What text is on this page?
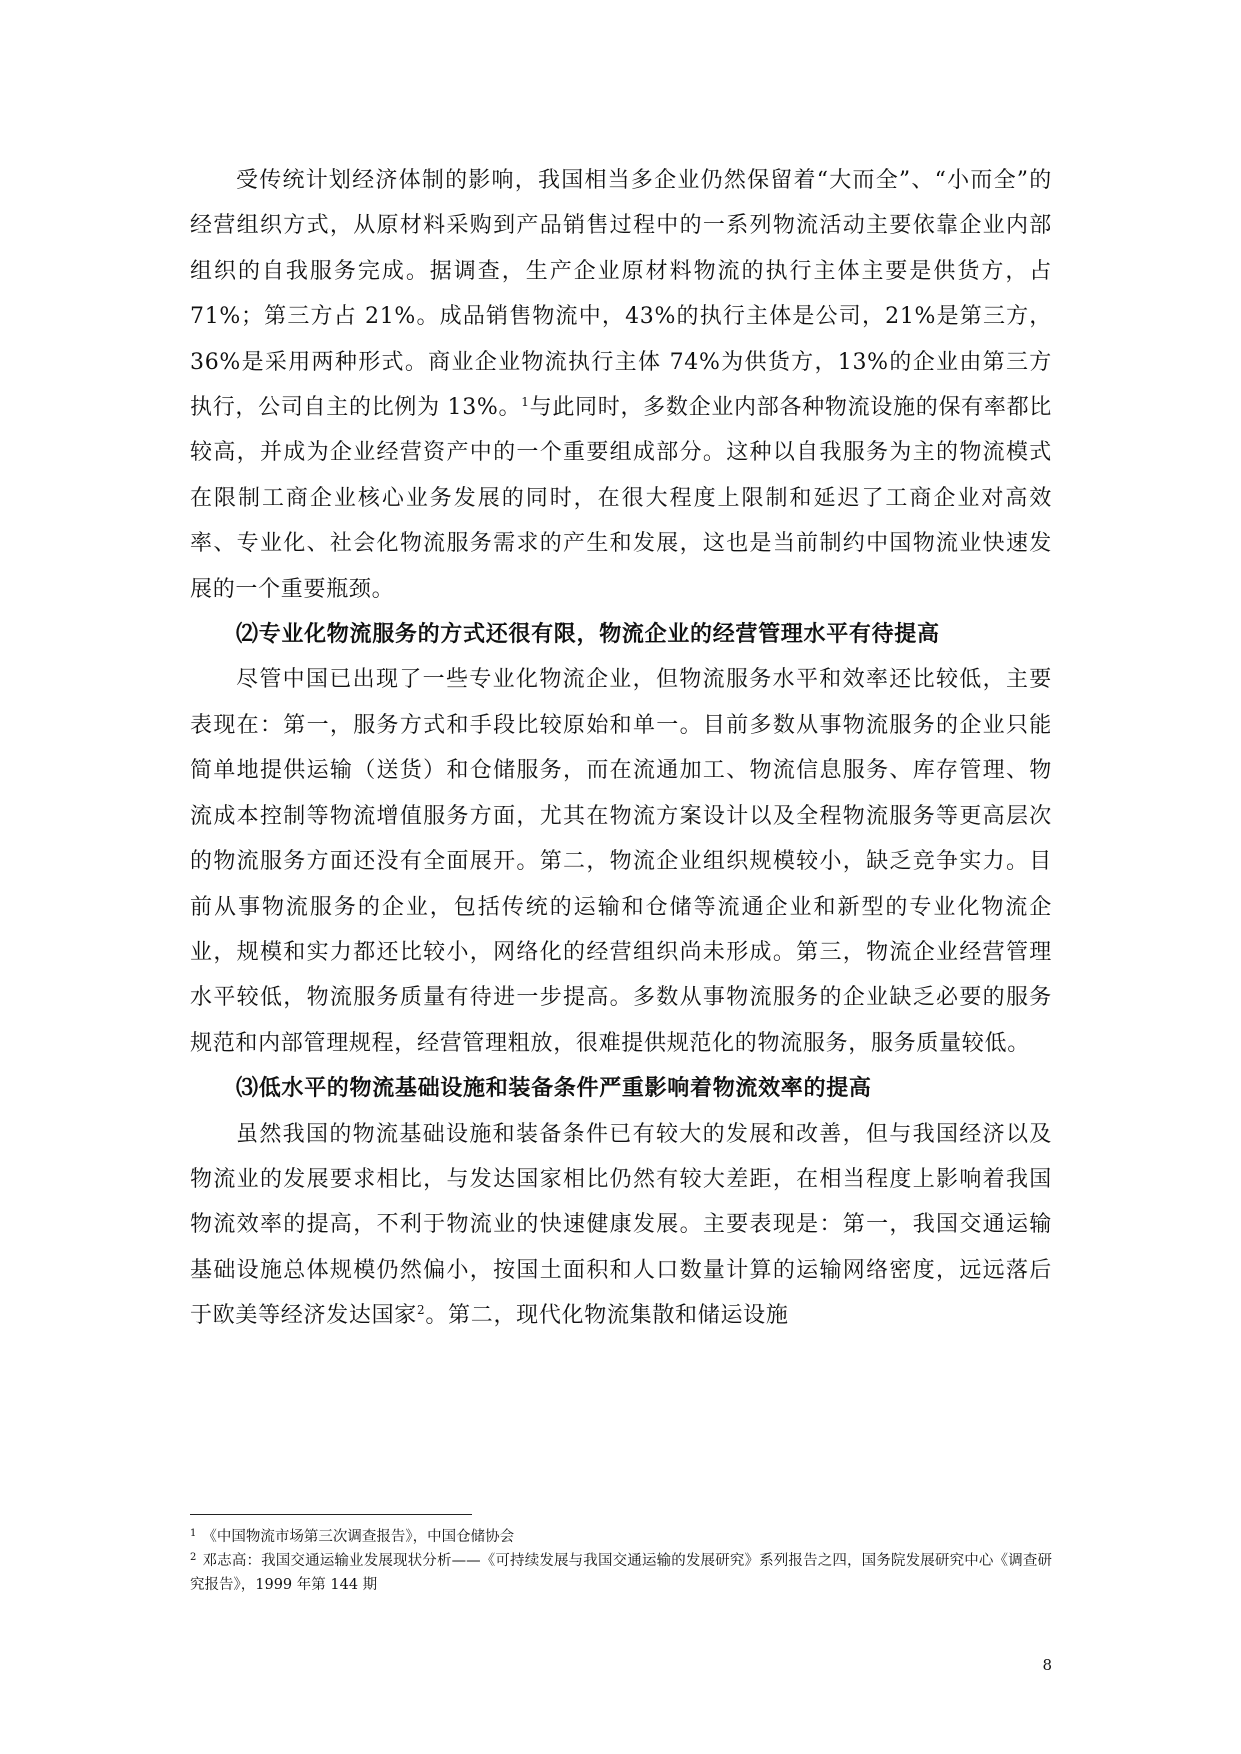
受传统计划经济体制的影响，我国相当多企业仍然保留着“大而全”、“小而全”的经营组织方式，从原材料采购到产品销售过程中的一系列物流活动主要依靠企业内部组织的自我服务完成。据调查，生产企业原材料物流的执行主体主要是供货方，占 71%；第三方占 21%。成品销售物流中，43%的执行主体是公司，21%是第三方，36%是采用两种形式。商业企业物流执行主体 74%为供货方，13%的企业由第三方执行，公司自主的比例为 13%。$^1$与此同时，多数企业内部各种物流设施的保有率都比较高，并成为企业经营资产中的一个重要组成部分。这种以自我服务为主的物流模式在限制工商企业核心业务发展的同时，在很大程度上限制和延迟了工商企业对高效率、专业化、社会化物流服务需求的产生和发展，这也是当前制约中国物流业快速发展的一个重要瓶颈。

⑵专业化物流服务的方式还很有限，物流企业的经营管理水平有待提高

尽管中国已出现了一些专业化物流企业，但物流服务水平和效率还比较低，主要表现在：第一，服务方式和手段比较原始和单一。目前多数从事物流服务的企业只能简单地提供运输（送货）和仓储服务，而在流通加工、物流信息服务、库存管理、物流成本控制等物流增值服务方面，尤其在物流方案设计以及全程物流服务等更高层次的物流服务方面还没有全面展开。第二，物流企业组织规模较小，缺乏竞争实力。目前从事物流服务的企业，包括传统的运输和仓储等流通企业和新型的专业化物流企业，规模和实力都还比较小，网络化的经营组织尚未形成。第三，物流企业经营管理水平较低，物流服务质量有待进一步提高。多数从事物流服务的企业缺乏必要的服务规范和内部管理规程，经营管理粗放，很难提供规范化的物流服务，服务质量较低。

⑶低水平的物流基础设施和装备条件严重影响着物流效率的提高

虽然我国的物流基础设施和装备条件已有较大的发展和改善，但与我国经济以及物流业的发展要求相比，与发达国家相比仍然有较大差距，在相当程度上影响着我国物流效率的提高，不利于物流业的快速健康发展。主要表现是：第一，我国交通运输基础设施总体规模仍然偏小，按国土面积和人口数量计算的运输网络密度，远远落后于欧美等经济发达国家$^2$。第二，现代化物流集散和储运设施

$^1$ 《中国物流市场第三次调查报告》，中国仓储协会

$^2$ 邓志高：我国交通运输业发展现状分析——《可持续发展与我国交通运输的发展研究》系列报告之四，国务院发展研究中心《调查研究报告》，1999 年第 144 期

8
